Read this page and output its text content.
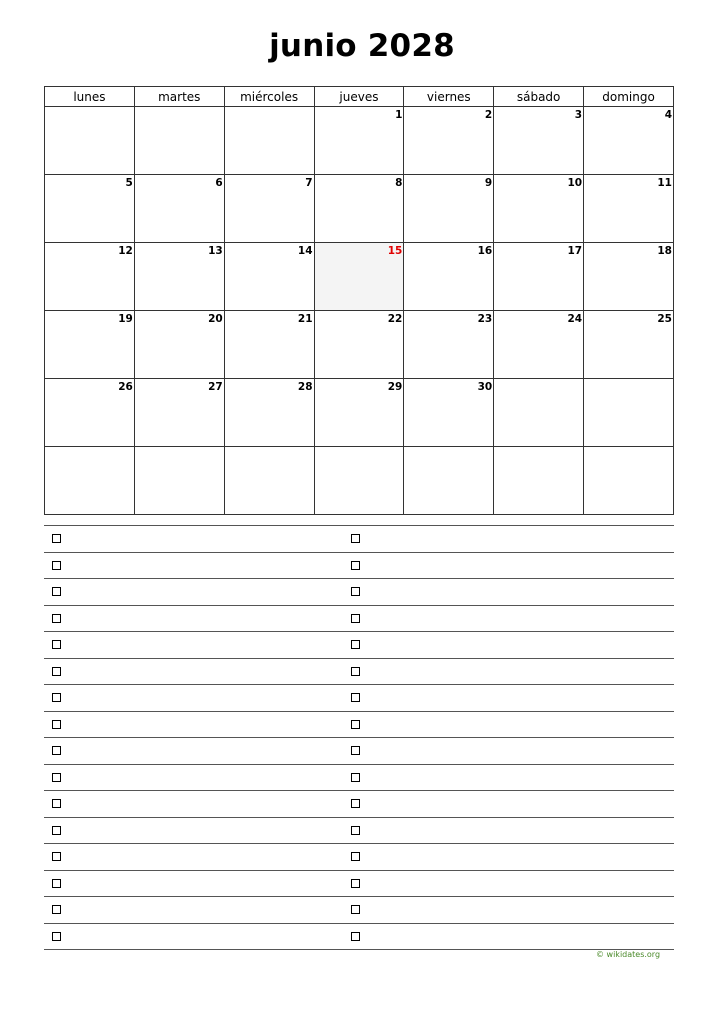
junio 2028
lunes	martes	miércoles	jueves	viernes	sábado	domingo

			1	2	3	4

5	6	7	8	9	10	11

12	13	14	15	16	17	18

19	20	21	22	23	24	25

26	27	28	29	30		

© wikidates.org
